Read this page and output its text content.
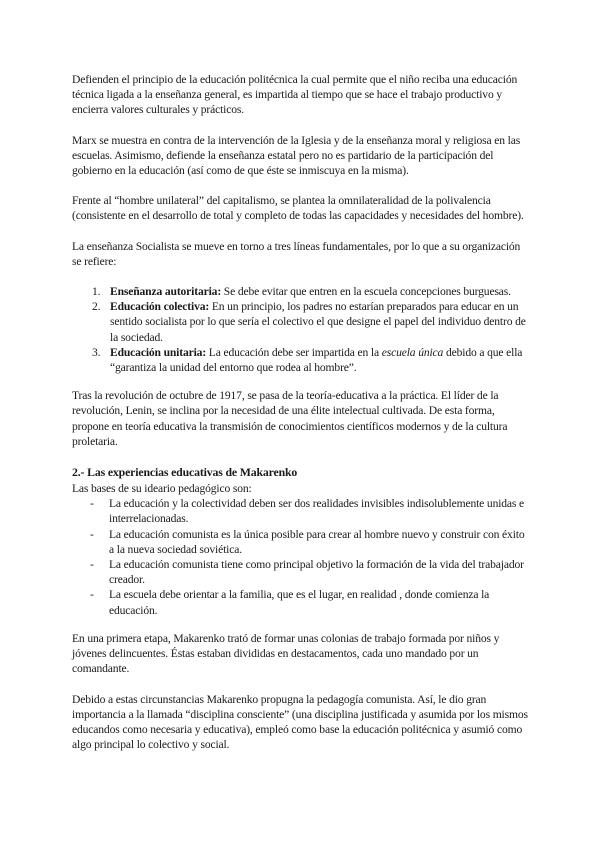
Defienden el principio de la educación politécnica la cual permite que el niño reciba una educación técnica ligada a la enseñanza general, es impartida al tiempo que se hace el trabajo productivo y encierra valores culturales y prácticos.

Marx se muestra en contra de la intervención de la Iglesia y de la enseñanza moral y religiosa en las escuelas. Asimismo, defiende la enseñanza estatal pero no es partidario de la participación del gobierno en la educación (así como de que éste se inmiscuya en la misma).

Frente al “hombre unilateral” del capitalismo, se plantea la omnilateralidad de la polivalencia (consistente en el desarrollo de total y completo de todas las capacidades y necesidades del hombre).

La enseñanza Socialista se mueve en torno a tres líneas fundamentales, por lo que a su organización se refiere:

1. Enseñanza autoritaria: Se debe evitar que entren en la escuela concepciones burguesas.
2. Educación colectiva: En un principio, los padres no estarían preparados para educar en un sentido socialista por lo que sería el colectivo el que designe el papel del individuo dentro de la sociedad.
3. Educación unitaria: La educación debe ser impartida en la escuela única debido a que ella “garantiza la unidad del entorno que rodea al hombre”.

Tras la revolución de octubre de 1917, se pasa de la teoría-educativa a la práctica. El líder de la revolución, Lenin, se inclina por la necesidad de una élite intelectual cultivada. De esta forma, propone en teoría educativa la transmisión de conocimientos científicos modernos y de la cultura proletaria.

2.- Las experiencias educativas de Makarenko

Las bases de su ideario pedagógico son:

- La educación y la colectividad deben ser dos realidades invisibles indisolublemente unidas e interrelacionadas.
- La educación comunista es la única posible para crear al hombre nuevo y construir con éxito a la nueva sociedad soviética.
- La educación comunista tiene como principal objetivo la formación de la vida del trabajador creador.
- La escuela debe orientar a la familia, que es el lugar, en realidad , donde comienza la educación.

En una primera etapa, Makarenko trató de formar unas colonias de trabajo formada por niños y jóvenes delincuentes. Éstas estaban divididas en destacamentos, cada uno mandado por un comandante.

Debido a estas circunstancias Makarenko propugna la pedagogía comunista. Así, le dio gran importancia a la llamada “disciplina consciente” (una disciplina justificada y asumida por los mismos educandos como necesaria y educativa), empleó como base la educación politécnica y asumió como algo principal lo colectivo y social.
